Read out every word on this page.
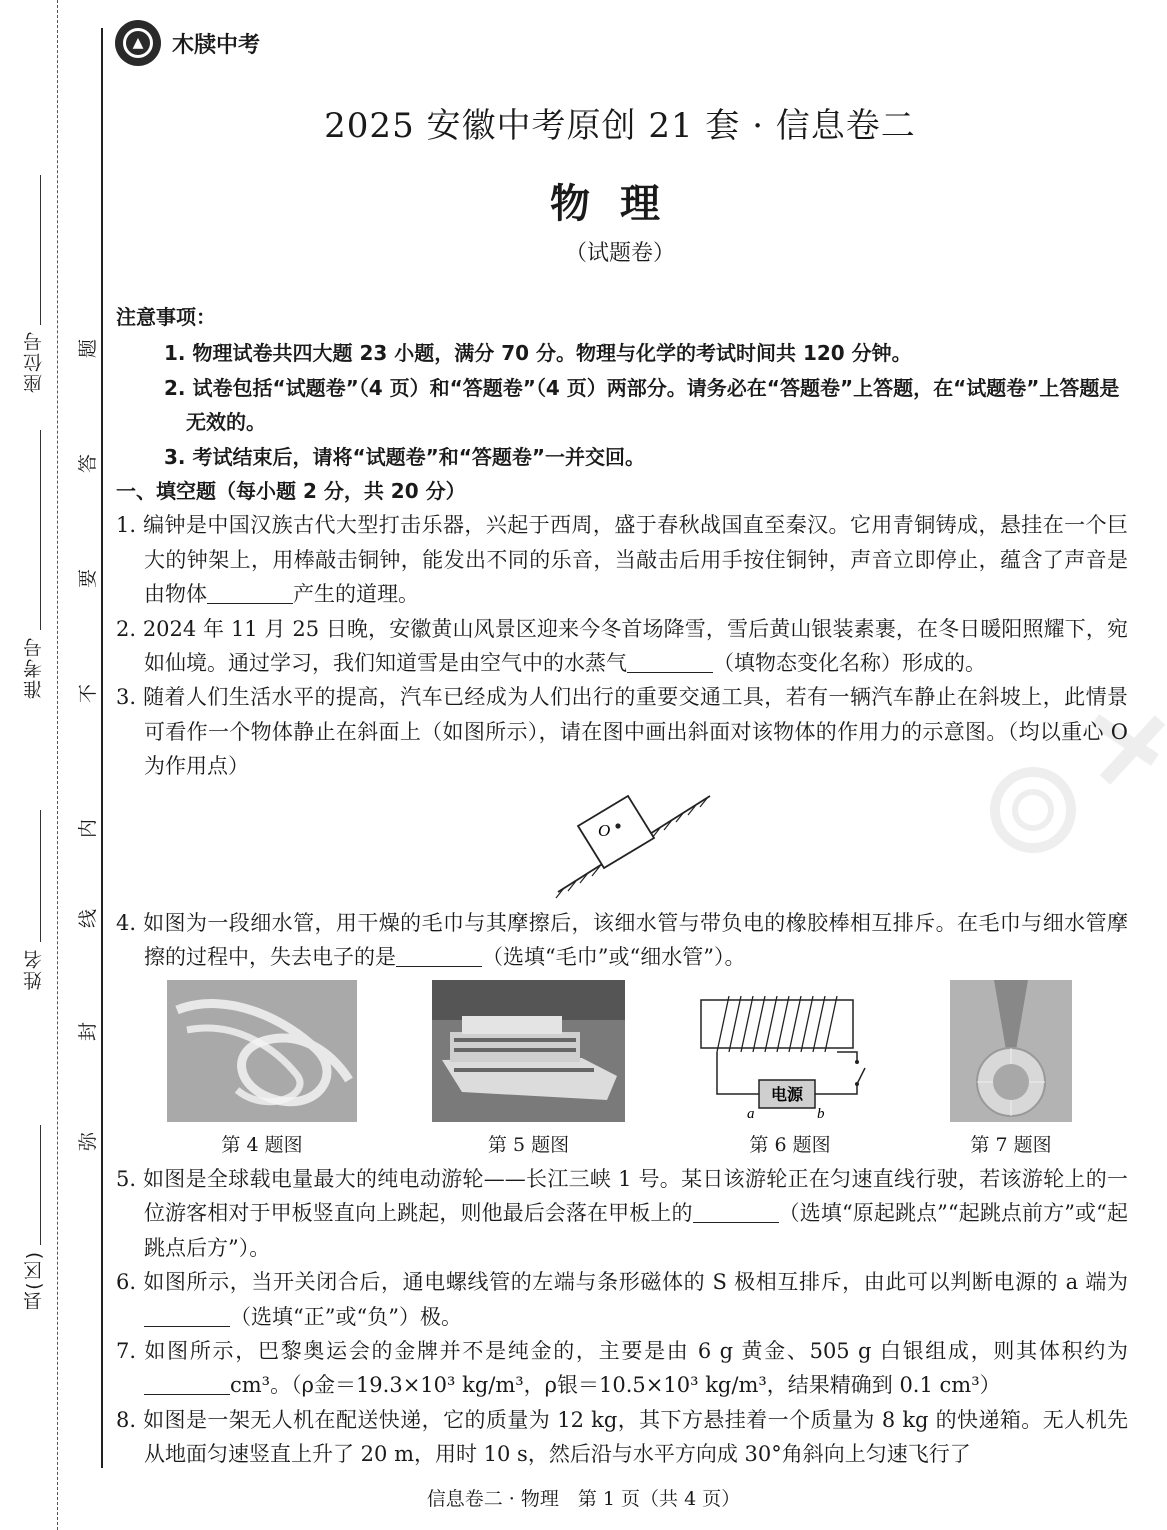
座位号
准考号
姓名
县(区)
题
答
要
不
内
线
封
弥
▲	木牍中考
2025 安徽中考原创 21 套 · 信息卷二
物理
（试题卷）

注意事项：

1. 物理试卷共四大题 23 小题，满分 70 分。物理与化学的考试时间共 120 分钟。

2. 试卷包括“试题卷”（4 页）和“答题卷”（4 页）两部分。请务必在“答题卷”上答题，在“试题卷”上答题是无效的。

3. 考试结束后，请将“试题卷”和“答题卷”一并交回。

一、填空题（每小题 2 分，共 20 分）

1. 编钟是中国汉族古代大型打击乐器，兴起于西周，盛于春秋战国直至秦汉。它用青铜铸成，悬挂在一个巨大的钟架上，用棒敲击铜钟，能发出不同的乐音，当敲击后用手按住铜钟，声音立即停止，蕴含了声音是由物体	产生的道理。

2. 2024 年 11 月 25 日晚，安徽黄山风景区迎来今冬首场降雪，雪后黄山银装素裹，在冬日暖阳照耀下，宛如仙境。通过学习，我们知道雪是由空气中的水蒸气	（填物态变化名称）形成的。

3. 随着人们生活水平的提高，汽车已经成为人们出行的重要交通工具，若有一辆汽车静止在斜坡上，此情景可看作一个物体静止在斜面上（如图所示），请在图中画出斜面对该物体的作用力的示意图。（均以重心 O 为作用点）

O

4. 如图为一段细水管，用干燥的毛巾与其摩擦后，该细水管与带负电的橡胶棒相互排斥。在毛巾与细水管摩擦的过程中，失去电子的是	（选填“毛巾”或“细水管”）。

电源
a	b
第 4 题图	第 5 题图	第 6 题图	第 7 题图

5. 如图是全球载电量最大的纯电动游轮——长江三峡 1 号。某日该游轮正在匀速直线行驶，若该游轮上的一位游客相对于甲板竖直向上跳起，则他最后会落在甲板上的	（选填“原起跳点”“起跳点前方”或“起跳点后方”）。

6. 如图所示，当开关闭合后，通电螺线管的左端与条形磁体的 S 极相互排斥，由此可以判断电源的 a 端为（选填“正”或“负”）极。

7. 如图所示，巴黎奥运会的金牌并不是纯金的，主要是由 6 g 黄金、505 g 白银组成，则其体积约为cm³。（ρ金＝19.3×10³ kg/m³，ρ银＝10.5×10³ kg/m³，结果精确到 0.1 cm³）

8. 如图是一架无人机在配送快递，它的质量为 12 kg，其下方悬挂着一个质量为 8 kg 的快递箱。无人机先从地面匀速竖直上升了 20 m，用时 10 s，然后沿与水平方向成 30°角斜向上匀速飞行了

信息卷二 · 物理　第 1 页（共 4 页）
